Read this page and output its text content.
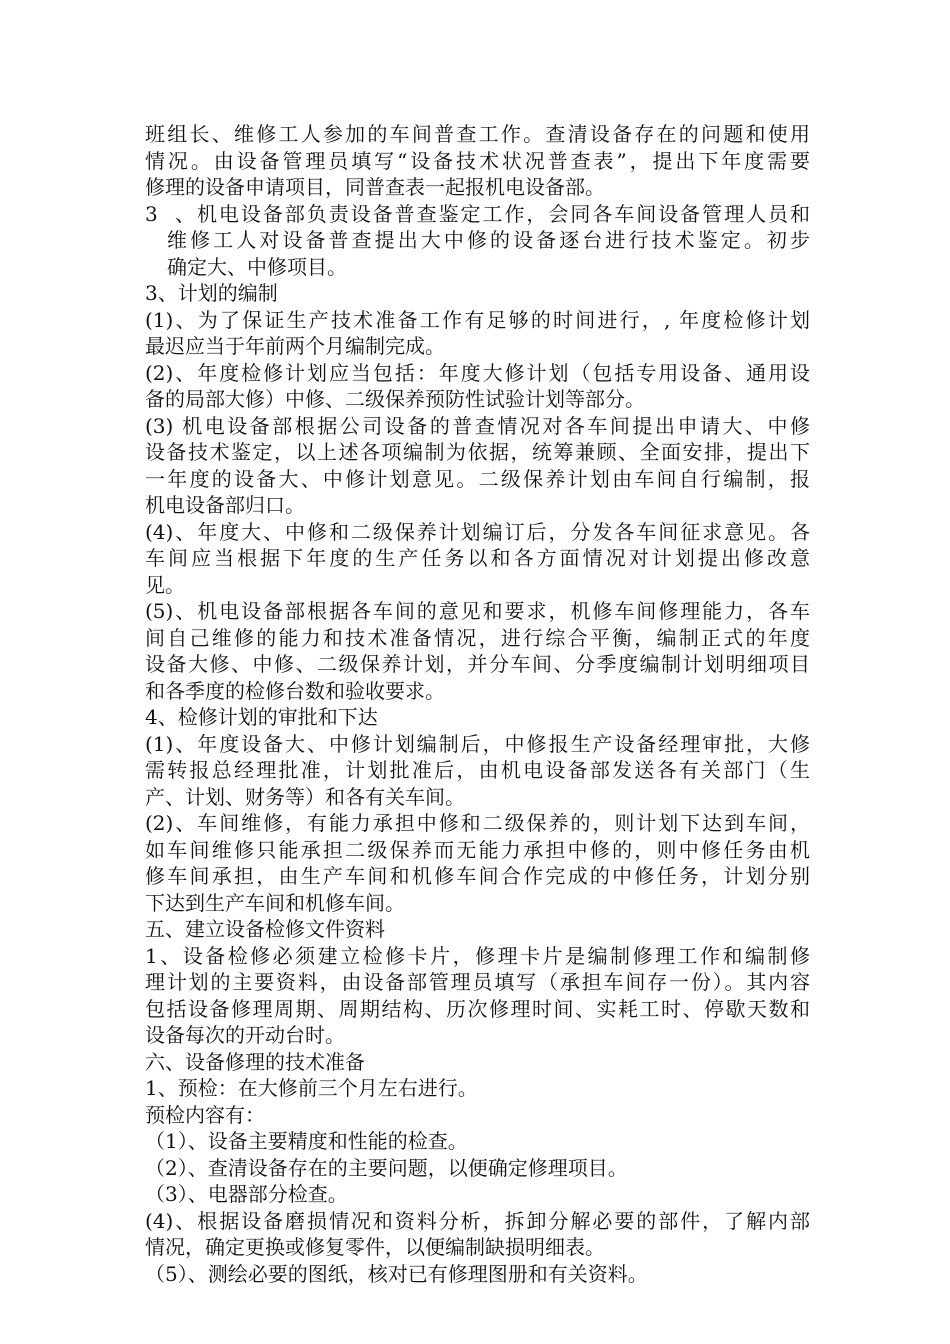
班组长、维修工人参加的车间普查工作。查清设备存在的问题和使用
情况。由设备管理员填写“设备技术状况普查表”，提出下年度需要
修理的设备申请项目，同普查表一起报机电设备部。
3 、机电设备部负责设备普查鉴定工作，会同各车间设备管理人员和
维修工人对设备普查提出大中修的设备逐台进行技术鉴定。初步
确定大、中修项目。
3、计划的编制
(1)、为了保证生产技术准备工作有足够的时间进行，, 年度检修计划
最迟应当于年前两个月编制完成。
(2)、年度检修计划应当包括：年度大修计划（包括专用设备、通用设
备的局部大修）中修、二级保养预防性试验计划等部分。
(3) 机电设备部根据公司设备的普查情况对各车间提出申请大、中修
设备技术鉴定，以上述各项编制为依据，统筹兼顾、全面安排，提出下
一年度的设备大、中修计划意见。二级保养计划由车间自行编制，报
机电设备部归口。
(4)、年度大、中修和二级保养计划编订后，分发各车间征求意见。各
车间应当根据下年度的生产任务以和各方面情况对计划提出修改意
见。
(5)、机电设备部根据各车间的意见和要求，机修车间修理能力，各车
间自己维修的能力和技术准备情况，进行综合平衡，编制正式的年度
设备大修、中修、二级保养计划，并分车间、分季度编制计划明细项目
和各季度的检修台数和验收要求。
4、检修计划的审批和下达
(1)、年度设备大、中修计划编制后，中修报生产设备经理审批，大修
需转报总经理批准，计划批准后，由机电设备部发送各有关部门（生
产、计划、财务等）和各有关车间。
(2)、车间维修，有能力承担中修和二级保养的，则计划下达到车间，
如车间维修只能承担二级保养而无能力承担中修的，则中修任务由机
修车间承担，由生产车间和机修车间合作完成的中修任务，计划分别
下达到生产车间和机修车间。
五、建立设备检修文件资料
1、设备检修必须建立检修卡片，修理卡片是编制修理工作和编制修
理计划的主要资料，由设备部管理员填写（承担车间存一份）。其内容
包括设备修理周期、周期结构、历次修理时间、实耗工时、停歇天数和
设备每次的开动台时。
六、设备修理的技术准备
1、预检：在大修前三个月左右进行。
预检内容有：
（1）、设备主要精度和性能的检查。
（2）、查清设备存在的主要问题，以便确定修理项目。
（3）、电器部分检查。
(4)、根据设备磨损情况和资料分析，拆卸分解必要的部件，了解内部
情况，确定更换或修复零件，以便编制缺损明细表。
（5）、测绘必要的图纸，核对已有修理图册和有关资料。
